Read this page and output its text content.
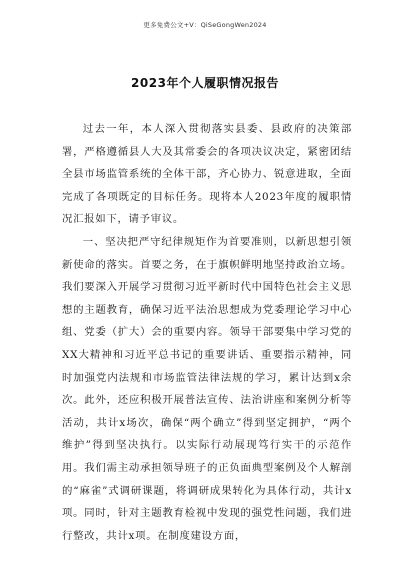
更多免费公文+V：QiSeGongWen2024
2023年个人履职情况报告

过去一年，本人深入贯彻落实县委、县政府的决策部署，严格遵循县人大及其常委会的各项决议决定，紧密团结全县市场监管系统的全体干部，齐心协力、锐意进取，全面完成了各项既定的目标任务。现将本人2023年度的履职情况汇报如下，请予审议。

一、坚决把严守纪律规矩作为首要准则，以新思想引领新使命的落实。首要之务，在于旗帜鲜明地坚持政治立场。我们要深入开展学习贯彻习近平新时代中国特色社会主义思想的主题教育，确保习近平法治思想成为党委理论学习中心组、党委（扩大）会的重要内容。领导干部要集中学习党的XX大精神和习近平总书记的重要讲话、重要指示精神，同时加强党内法规和市场监管法律法规的学习，累计达到x余次。此外，还应积极开展普法宣传、法治讲座和案例分析等活动，共计x场次，确保“两个确立”得到坚定拥护，“两个维护”得到坚决执行。以实际行动展现笃行实干的示范作用。我们需主动承担领导班子的正负面典型案例及个人解剖的“麻雀”式调研课题，将调研成果转化为具体行动，共计x项。同时，针对主题教育检视中发现的强党性问题，我们进行整改，共计x项。在制度建设方面，
